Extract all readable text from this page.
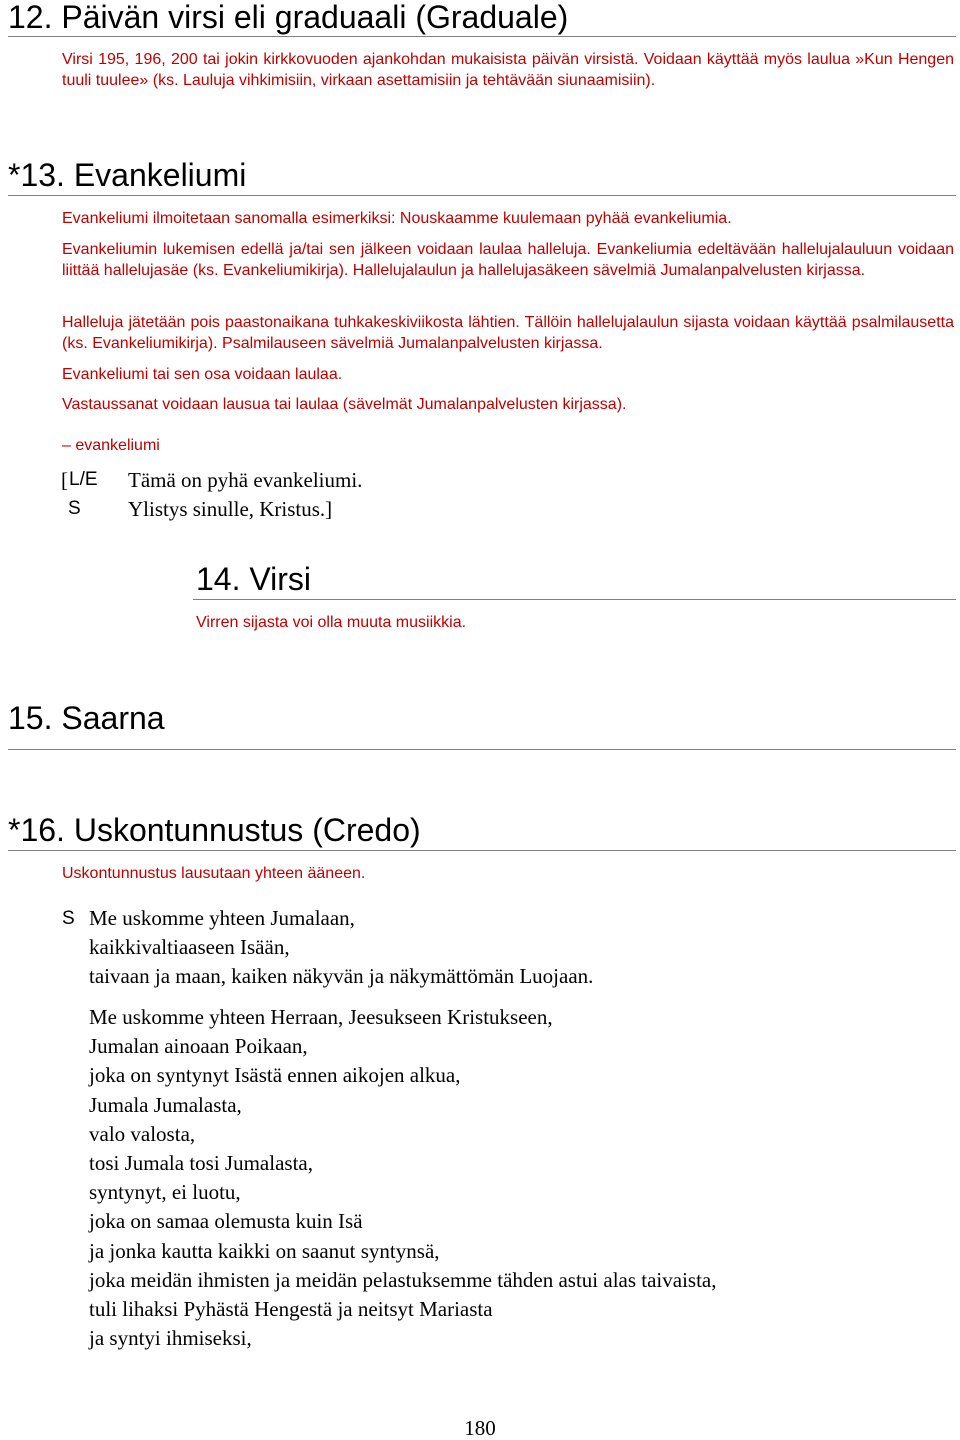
12. Päivän virsi eli graduaali (Graduale)
Virsi 195, 196, 200 tai jokin kirkkovuoden ajankohdan mukaisista päivän virsistä. Voidaan käyttää myös laulua »Kun Hengen tuuli tuulee» (ks. Lauluja vihkimisiin, virkaan asettamisiin ja tehtävään siunaamisiin).
*13. Evankeliumi
Evankeliumi ilmoitetaan sanomalla esimerkiksi: Nouskaamme kuulemaan pyhää evankeliumia.
Evankeliumin lukemisen edellä ja/tai sen jälkeen voidaan laulaa halleluja. Evankeliumia edeltävään hallelujalauluun voidaan liittää hallelujasäe (ks. Evankeliumikirja). Hallelujalaulun ja hallelujasäkeen sävelmiä Jumalanpalvelusten kirjassa.
Halleluja jätetään pois paastonaikana tuhkakeskiviikosta lähtien. Tällöin hallelujalaulun sijasta voidaan käyttää psalmilausetta (ks. Evankeliumikirja). Psalmilauseen sävelmiä Jumalanpalvelusten kirjassa.
Evankeliumi tai sen osa voidaan laulaa.
Vastaussanat voidaan lausua tai laulaa (sävelmät Jumalanpalvelusten kirjassa).
– evankeliumi
[ L/E Tämä on pyhä evankeliumi.
S Ylistys sinulle, Kristus.]
14. Virsi
Virren sijasta voi olla muuta musiikkia.
15. Saarna
*16. Uskontunnustus (Credo)
Uskontunnustus lausutaan yhteen ääneen.
S Me uskomme yhteen Jumalaan,
kaikkivaltiaaseen Isään,
taivaan ja maan, kaiken näkyvän ja näkymättömän Luojaan.
Me uskomme yhteen Herraan, Jeesukseen Kristukseen,
Jumalan ainoaan Poikaan,
joka on syntynyt Isästä ennen aikojen alkua,
Jumala Jumalasta,
valo valosta,
tosi Jumala tosi Jumalasta,
syntynyt, ei luotu,
joka on samaa olemusta kuin Isä
ja jonka kautta kaikki on saanut syntynsä,
joka meidän ihmisten ja meidän pelastuksemme tähden astui alas taivaista,
tuli lihaksi Pyhästä Hengestä ja neitsyt Mariasta
ja syntyi ihmiseksi,
180
